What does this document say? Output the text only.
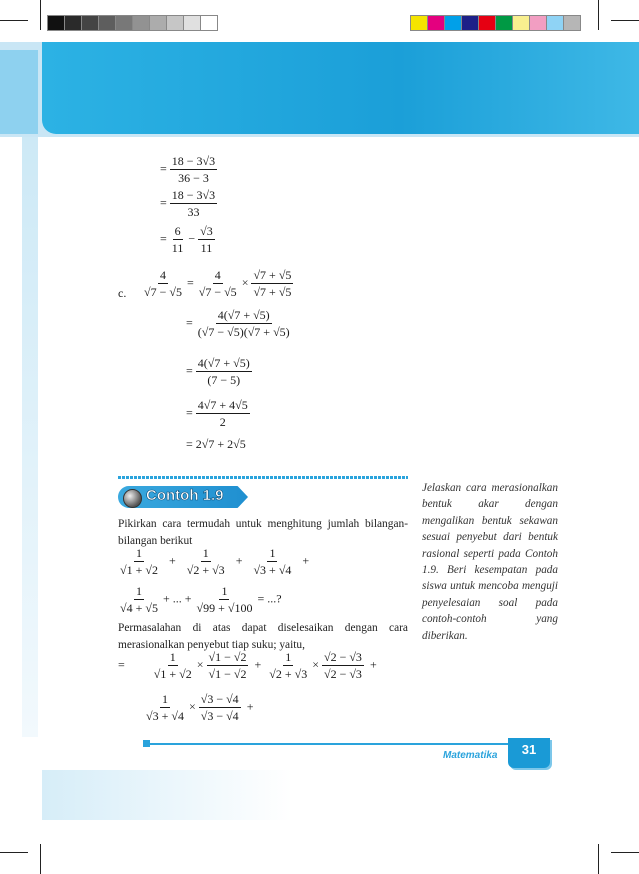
= $\frac{18 - 3√3}{36 - 3}$
= $\frac{18 - 3√3}{33}$
= $\frac{6}{11} - \frac{√3}{11}$
c. $\frac{4}{√7 - √5} = \frac{4}{√7 - √5} \times \frac{√7 + √5}{√7 + √5}$
= $\frac{4(√7 + √5)}{(√7 - √5)(√7 + √5)}$
= $\frac{4(√7 + √5)}{(7 - 5)}$
= $\frac{4√7 + 4√5}{2}$
= 2√7 + 2√5
Contoh 1.9
Pikirkan cara termudah untuk menghitung jumlah bilangan-bilangan berikut
$\frac{1}{√1 + √2} + \frac{1}{√2 + √3} + \frac{1}{√3 + √4}$ +
$\frac{1}{√4 + √5}$ + ... + $\frac{1}{√99 + √100}$ = ...?
Permasalahan di atas dapat diselesaikan dengan cara merasionalkan penyebut tiap suku; yaitu,
= $\frac{1}{√1 + √2} \times \frac{√1 - √2}{√1 - √2} + \frac{1}{√2 + √3} \times \frac{√2 - √3}{√2 - √3}$ +
$\frac{1}{√3 + √4} \times \frac{√3 - √4}{√3 - √4}$ +
Jelaskan cara merasionalkan bentuk akar dengan mengalikan bentuk sekawan sesuai penyebut dari bentuk rasional seperti pada Contoh 1.9. Beri kesempatan pada siswa untuk mencoba menguji penyelesaian soal pada contoh-contoh yang diberikan.
Matematika	31
